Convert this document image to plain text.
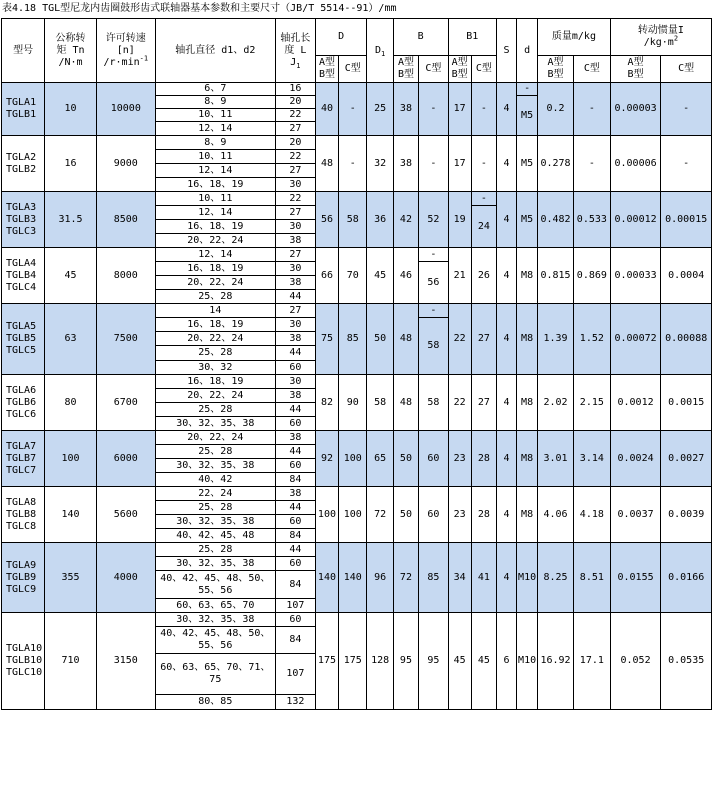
表4.18 TGL型尼龙内齿圈鼓形齿式联轴器基本参数和主要尺寸（JB/T 5514--91）/mm
型号	公称转
矩 Tn
/N·m	许可转速
[n]
$/r\cdot\min^{-1}$	轴孔直径 d1、d2	轴孔长
度 L
$J_1$	D		$D_1$	B		B1		S	d	质量m/kg		转动惯量I
$/kg\cdot m^2$
					A型
B型	C型		A型
B型	C型	A型
B型	C型			A型
B型	C型	A型
B型	C型
TGLA1
TGLB1	10	10000	6、7	16	40	-	25	38	-	17	-	4	-	0.2	-	0.00003	-
			8、9	20									M5				
			10、11	22													
			12、14	27													
TGLA2
TGLB2	16	9000	8、9	20	48	-	32	38	-	17	-	4	M5	0.278	-	0.00006	-
			10、11	22													
			12、14	27													
			16、18、19	30													
TGLA3
TGLB3
TGLC3	31.5	8500	10、11	22	56	58	36	42	52	19	-	4	M5	0.482	0.533	0.00012	0.00015
			12、14	27							24						
			16、18、19	30													
			20、22、24	38													
TGLA4
TGLB4
TGLC4	45	8000	12、14	27	66	70	45	46	-	21	26	4	M8	0.815	0.869	0.00033	0.0004
			16、18、19	30					56								
			20、22、24	38													
			25、28	44													
TGLA5
TGLB5
TGLC5	63	7500	14	27	75	85	50	48	-	22	27	4	M8	1.39	1.52	0.00072	0.00088
			16、18、19	30					58								
			20、22、24	38													
			25、28	44													
			30、32	60													
TGLA6
TGLB6
TGLC6	80	6700	16、18、19	30	82	90	58	48	58	22	27	4	M8	2.02	2.15	0.0012	0.0015
			20、22、24	38													
			25、28	44													
			30、32、35、38	60													
TGLA7
TGLB7
TGLC7	100	6000	20、22、24	38	92	100	65	50	60	23	28	4	M8	3.01	3.14	0.0024	0.0027
			25、28	44													
			30、32、35、38	60													
			40、42	84													
TGLA8
TGLB8
TGLC8	140	5600	22、24	38	100	100	72	50	60	23	28	4	M8	4.06	4.18	0.0037	0.0039
			25、28	44													
			30、32、35、38	60													
			40、42、45、48	84													
TGLA9
TGLB9
TGLC9	355	4000	25、28	44	140	140	96	72	85	34	41	4	M10	8.25	8.51	0.0155	0.0166
			30、32、35、38	60													
			40、42、45、48、50、55、56	84													
			60、63、65、70	107													
TGLA10
TGLB10
TGLC10	710	3150	30、32、35、38	60	175	175	128	95	95	45	45	6	M10	16.92	17.1	0.052	0.0535
			40、42、45、48、50、55、56	84													
			60、63、65、70、71、75	107													
			80、85	132													
